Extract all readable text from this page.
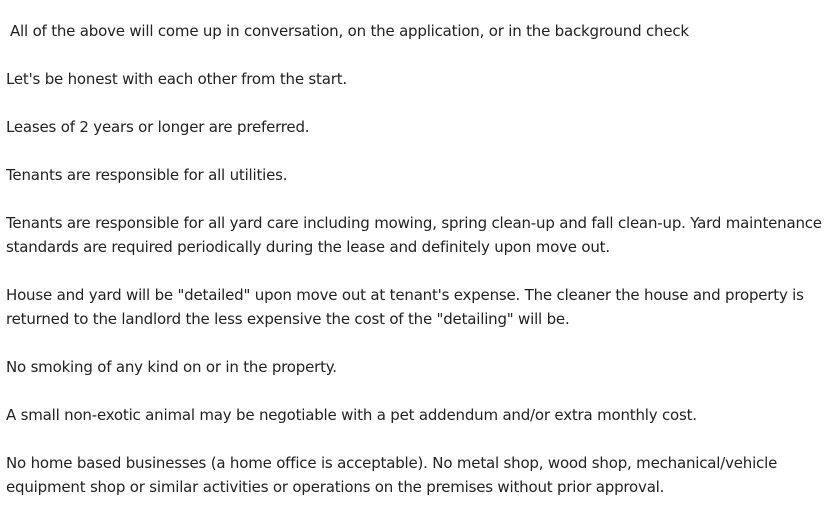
All of the above will come up in conversation, on the application, or in the background check

Let's be honest with each other from the start.

Leases of 2 years or longer are preferred.

Tenants are responsible for all utilities.

Tenants are responsible for all yard care including mowing, spring clean-up and fall clean-up. Yard maintenance standards are required periodically during the lease and definitely upon move out.

House and yard will be "detailed" upon move out at tenant's expense. The cleaner the house and property is returned to the landlord the less expensive the cost of the "detailing" will be.

No smoking of any kind on or in the property.

A small non-exotic animal may be negotiable with a pet addendum and/or extra monthly cost.

No home based businesses (a home office is acceptable). No metal shop, wood shop, mechanical/vehicle equipment shop or similar activities or operations on the premises without prior approval.
